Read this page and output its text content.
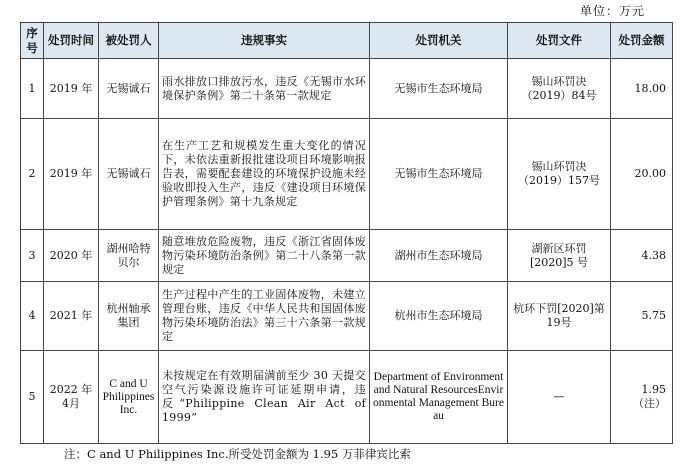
单位：万元
序号	处罚时间	被处罚人	违规事实	处罚机关	处罚文件	处罚金额
1	2019 年	无锡诚石	雨水排放口排放污水，违反《无锡市水环境保护条例》第二十条第一款规定	无锡市生态环境局	锡山环罚决（2019）84号	18.00
2	2019 年	无锡诚石	在生产工艺和规模发生重大变化的情况下，未依法重新报批建设项目环境影响报告表，需要配套建设的环境保护设施未经验收即投入生产，违反《建设项目环境保护管理条例》第十九条规定	无锡市生态环境局	锡山环罚决（2019）157号	20.00
3	2020 年	湖州哈特贝尔	随意堆放危险废物，违反《浙江省固体废物污染环境防治条例》第二十八条第一款规定	湖州市生态环境局	湖新区环罚[2020]5 号	4.38
4	2021 年	杭州轴承集团	生产过程中产生的工业固体废物，未建立管理台账，违反《中华人民共和国固体废物污染环境防治法》第三十六条第一款规定	杭州市生态环境局	杭环下罚[2020]第 19号	5.75
5	2022 年 4月	C and U Philippines Inc.	未按规定在有效期届满前至少 30 天提交空气污染源设施许可证延期申请，违反“Philippine Clean Air Act of 1999”	Department of Environment and Natural ResourcesEnvironmental Management Bureau	—	1.95
（注）
注：C and U Philippines Inc.所受处罚金额为 1.95 万菲律宾比索
